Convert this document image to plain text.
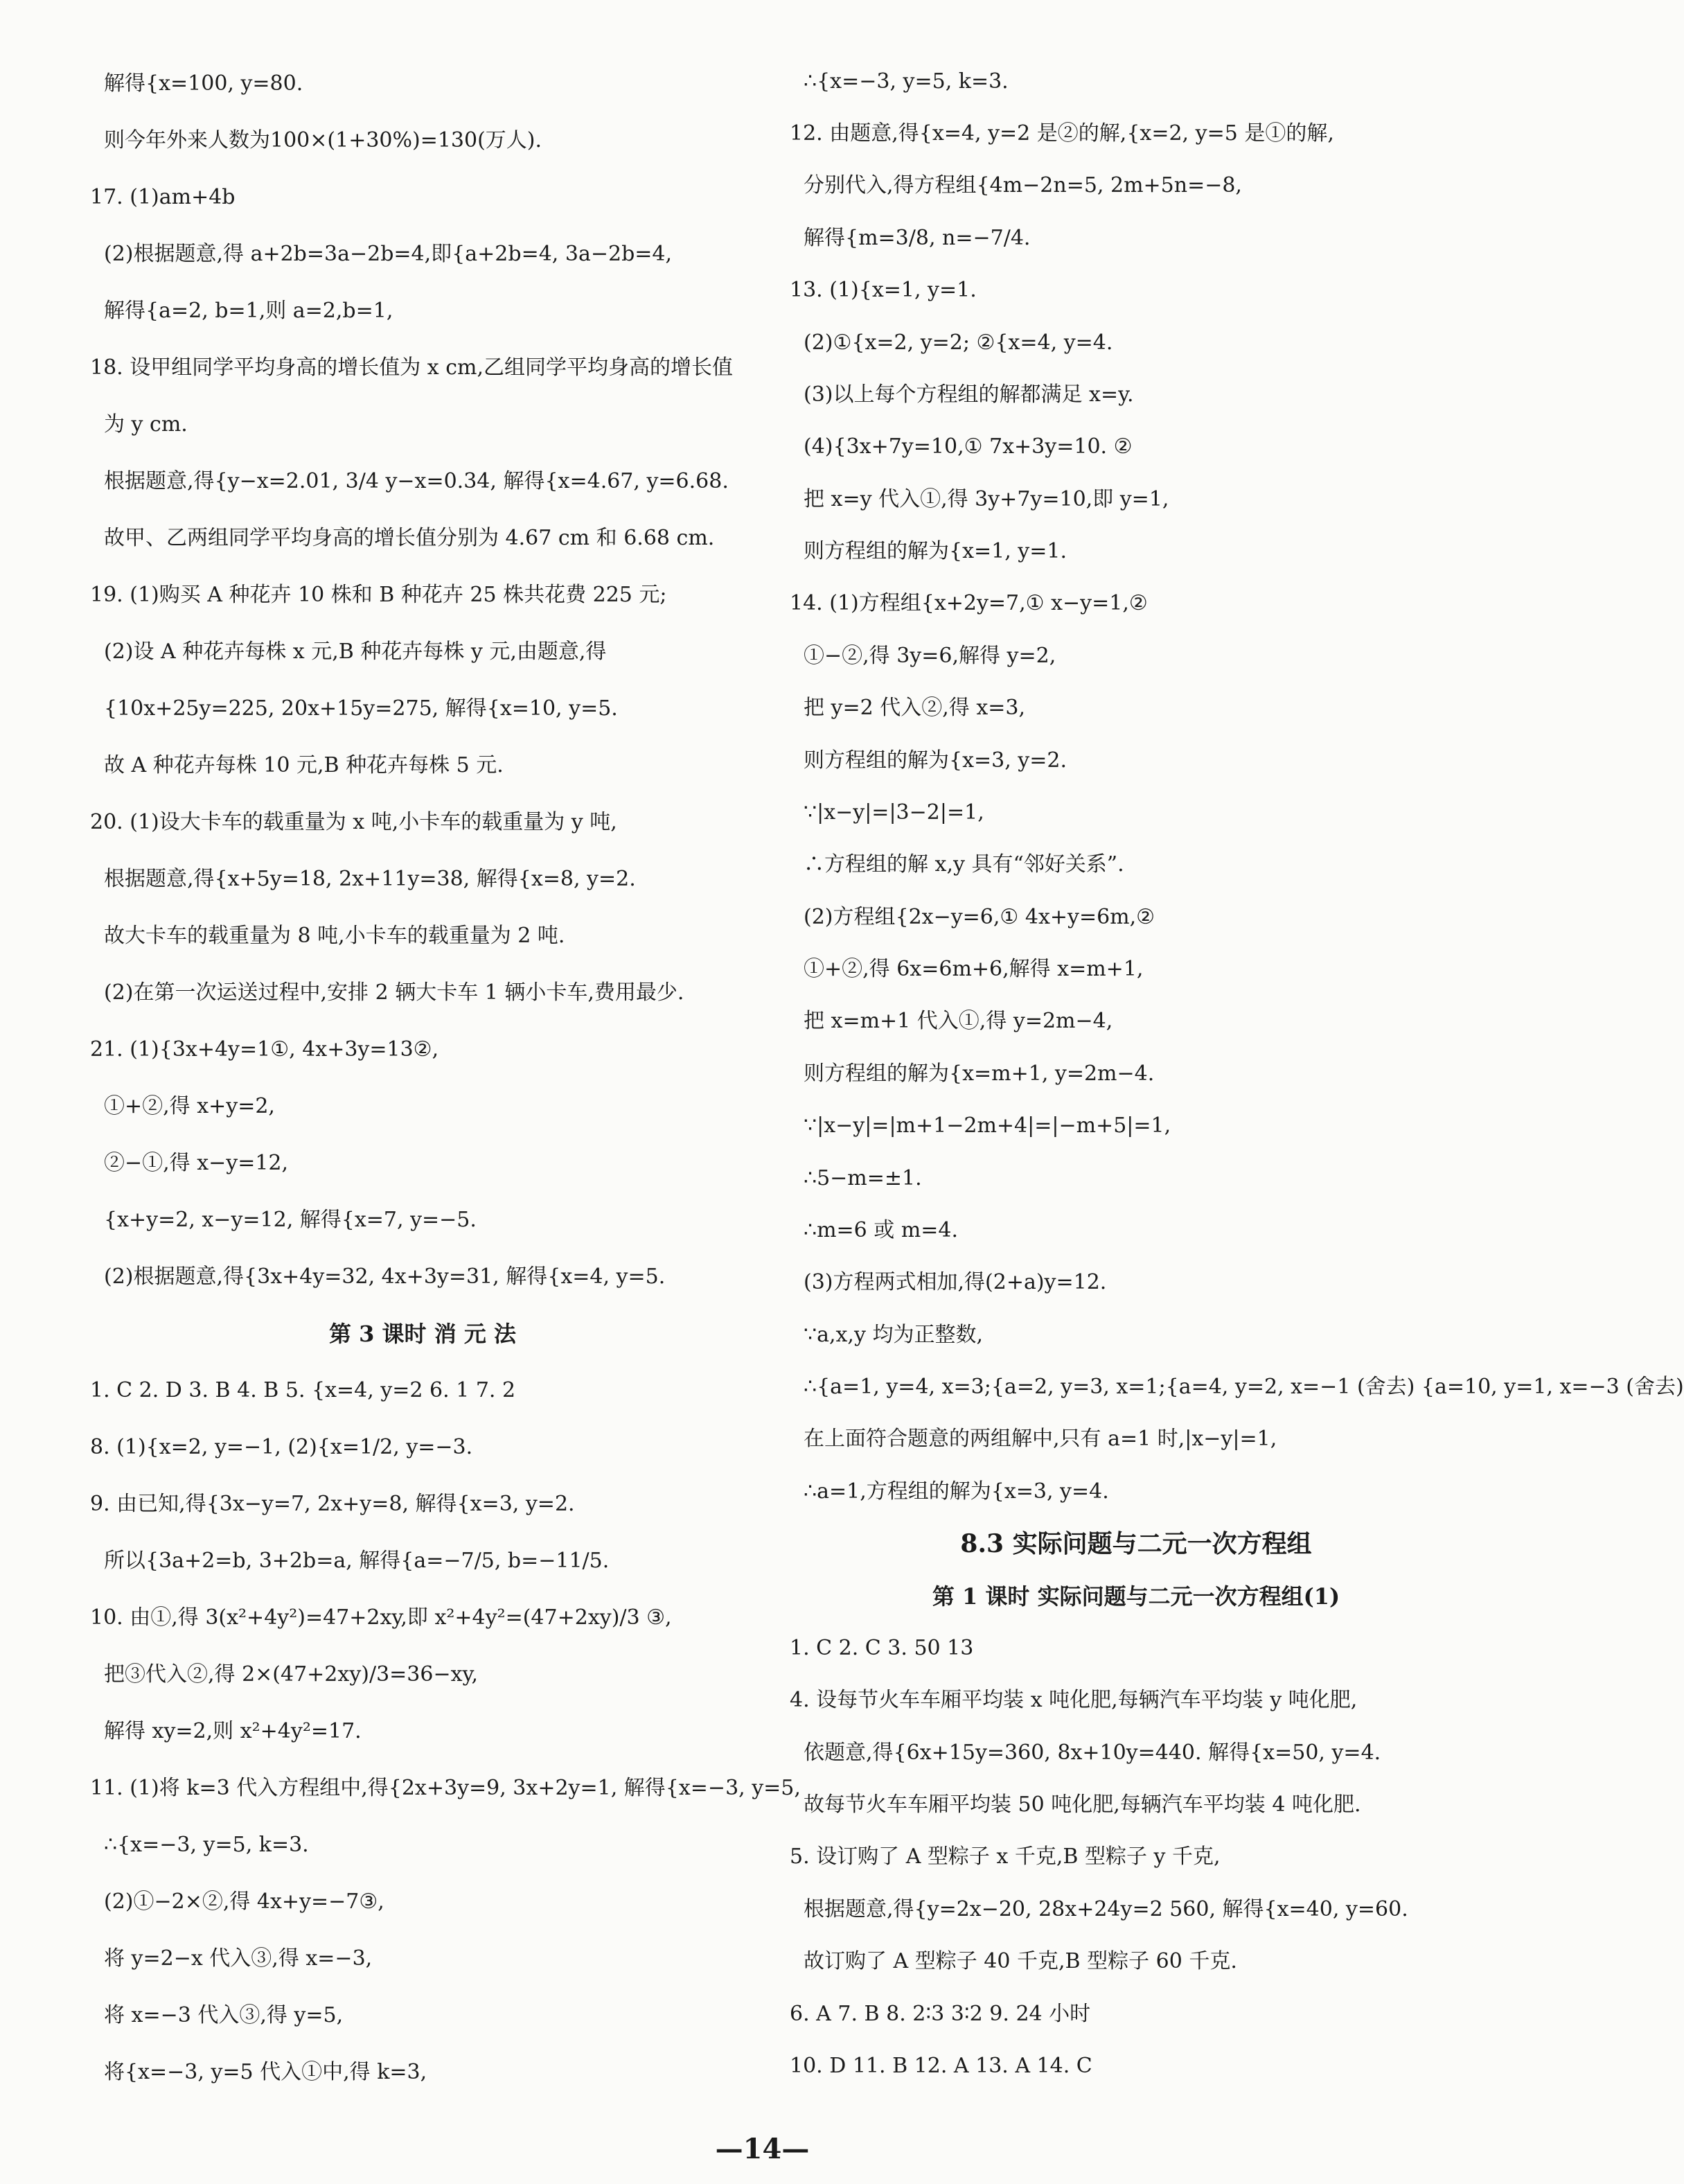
解得{x=100, y=80.
则今年外来人数为100×(1+30%)=130(万人).
17. (1)am+4b
(2)根据题意,得 a+2b=3a−2b=4,即{a+2b=4, 3a−2b=4,
解得{a=2, b=1,则 a=2,b=1,
18. 设甲组同学平均身高的增长值为 x cm,乙组同学平均身高的增长值
为 y cm.
根据题意,得{y−x=2.01, 3/4 y−x=0.34, 解得{x=4.67, y=6.68.
故甲、乙两组同学平均身高的增长值分别为 4.67 cm 和 6.68 cm.
19. (1)购买 A 种花卉 10 株和 B 种花卉 25 株共花费 225 元;
(2)设 A 种花卉每株 x 元,B 种花卉每株 y 元,由题意,得
{10x+25y=225, 20x+15y=275, 解得{x=10, y=5.
故 A 种花卉每株 10 元,B 种花卉每株 5 元.
20. (1)设大卡车的载重量为 x 吨,小卡车的载重量为 y 吨,
根据题意,得{x+5y=18, 2x+11y=38, 解得{x=8, y=2.
故大卡车的载重量为 8 吨,小卡车的载重量为 2 吨.
(2)在第一次运送过程中,安排 2 辆大卡车 1 辆小卡车,费用最少.
21. (1){3x+4y=1①, 4x+3y=13②,
①+②,得 x+y=2,
②−①,得 x−y=12,
{x+y=2, x−y=12, 解得{x=7, y=−5.
(2)根据题意,得{3x+4y=32, 4x+3y=31, 解得{x=4, y=5.
第 3 课时 消 元 法
1. C 2. D 3. B 4. B 5. {x=4, y=2 6. 1 7. 2
8. (1){x=2, y=−1, (2){x=1/2, y=−3.
9. 由已知,得{3x−y=7, 2x+y=8, 解得{x=3, y=2.
所以{3a+2=b, 3+2b=a, 解得{a=−7/5, b=−11/5.
10. 由①,得 3(x²+4y²)=47+2xy,即 x²+4y²=(47+2xy)/3 ③,
把③代入②,得 2×(47+2xy)/3=36−xy,
解得 xy=2,则 x²+4y²=17.
11. (1)将 k=3 代入方程组中,得{2x+3y=9, 3x+2y=1, 解得{x=−3, y=5,
∴{x=−3, y=5, k=3.
(2)①−2×②,得 4x+y=−7③,
将 y=2−x 代入③,得 x=−3,
将 x=−3 代入③,得 y=5,
将{x=−3, y=5 代入①中,得 k=3,
∴{x=−3, y=5, k=3.
12. 由题意,得{x=4, y=2 是②的解,{x=2, y=5 是①的解,
分别代入,得方程组{4m−2n=5, 2m+5n=−8,
解得{m=3/8, n=−7/4.
13. (1){x=1, y=1.
(2)①{x=2, y=2; ②{x=4, y=4.
(3)以上每个方程组的解都满足 x=y.
(4){3x+7y=10,① 7x+3y=10. ②
把 x=y 代入①,得 3y+7y=10,即 y=1,
则方程组的解为{x=1, y=1.
14. (1)方程组{x+2y=7,① x−y=1,②
①−②,得 3y=6,解得 y=2,
把 y=2 代入②,得 x=3,
则方程组的解为{x=3, y=2.
∵|x−y|=|3−2|=1,
∴方程组的解 x,y 具有“邻好关系”.
(2)方程组{2x−y=6,① 4x+y=6m,②
①+②,得 6x=6m+6,解得 x=m+1,
把 x=m+1 代入①,得 y=2m−4,
则方程组的解为{x=m+1, y=2m−4.
∵|x−y|=|m+1−2m+4|=|−m+5|=1,
∴5−m=±1.
∴m=6 或 m=4.
(3)方程两式相加,得(2+a)y=12.
∵a,x,y 均为正整数,
∴{a=1, y=4, x=3;{a=2, y=3, x=1;{a=4, y=2, x=−1 (舍去) {a=10, y=1, x=−3 (舍去)
在上面符合题意的两组解中,只有 a=1 时,|x−y|=1,
∴a=1,方程组的解为{x=3, y=4.
8.3 实际问题与二元一次方程组
第 1 课时 实际问题与二元一次方程组(1)
1. C 2. C 3. 50 13
4. 设每节火车车厢平均装 x 吨化肥,每辆汽车平均装 y 吨化肥,
依题意,得{6x+15y=360, 8x+10y=440. 解得{x=50, y=4.
故每节火车车厢平均装 50 吨化肥,每辆汽车平均装 4 吨化肥.
5. 设订购了 A 型粽子 x 千克,B 型粽子 y 千克,
根据题意,得{y=2x−20, 28x+24y=2 560, 解得{x=40, y=60.
故订购了 A 型粽子 40 千克,B 型粽子 60 千克.
6. A 7. B 8. 2∶3 3∶2 9. 24 小时
10. D 11. B 12. A 13. A 14. C
—14—
